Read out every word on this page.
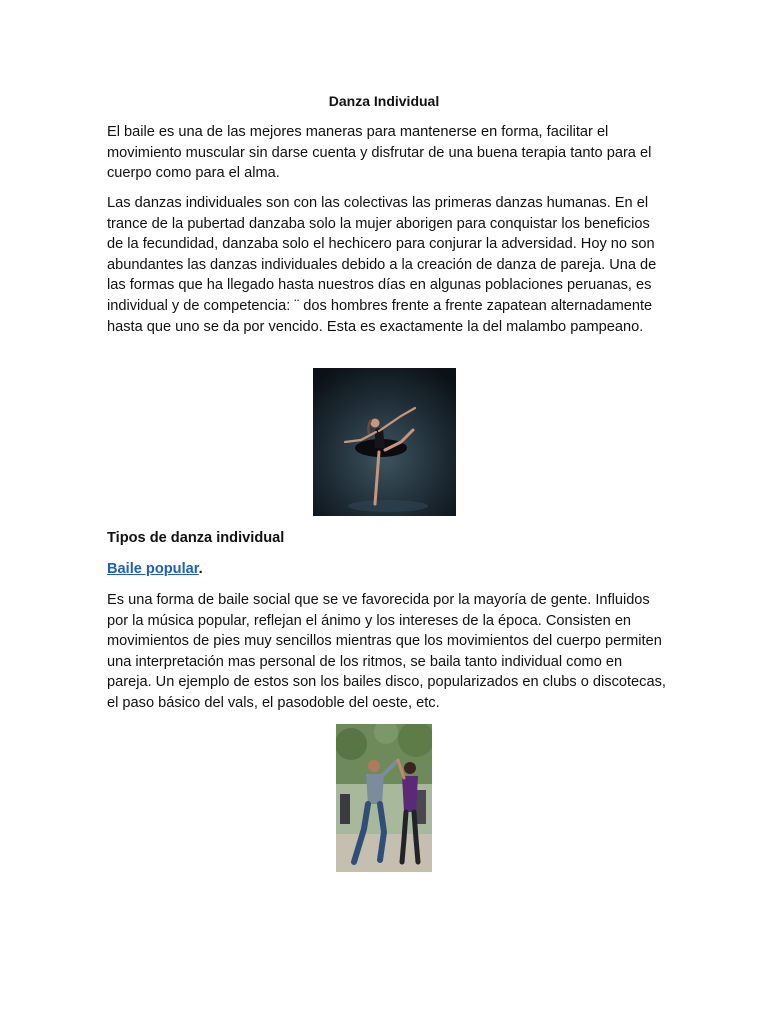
Danza Individual

El baile es una de las mejores maneras para mantenerse en forma, facilitar el movimiento muscular sin darse cuenta y disfrutar de una buena terapia tanto para el cuerpo como para el alma.

Las danzas individuales son con las colectivas las primeras danzas humanas. En el trance de la pubertad danzaba solo la mujer aborigen para conquistar los beneficios de la fecundidad, danzaba solo el hechicero para conjurar la adversidad. Hoy no son abundantes las danzas individuales debido a la creación de danza de pareja. Una de las formas que ha llegado hasta nuestros días en algunas poblaciones peruanas, es individual y de competencia: ¨ dos hombres frente a frente zapatean alternadamente hasta que uno se da por vencido. Esta es exactamente la del malambo pampeano.

Tipos de danza individual
Baile popular.

Es una forma de baile social que se ve favorecida por la mayoría de gente. Influidos por la música popular, reflejan el ánimo y los intereses de la época. Consisten en movimientos de pies muy sencillos mientras que los movimientos del cuerpo permiten una interpretación mas personal de los ritmos, se baila tanto individual como en pareja. Un ejemplo de estos son los bailes disco, popularizados en clubs o discotecas, el paso básico del vals, el pasodoble del oeste, etc.
